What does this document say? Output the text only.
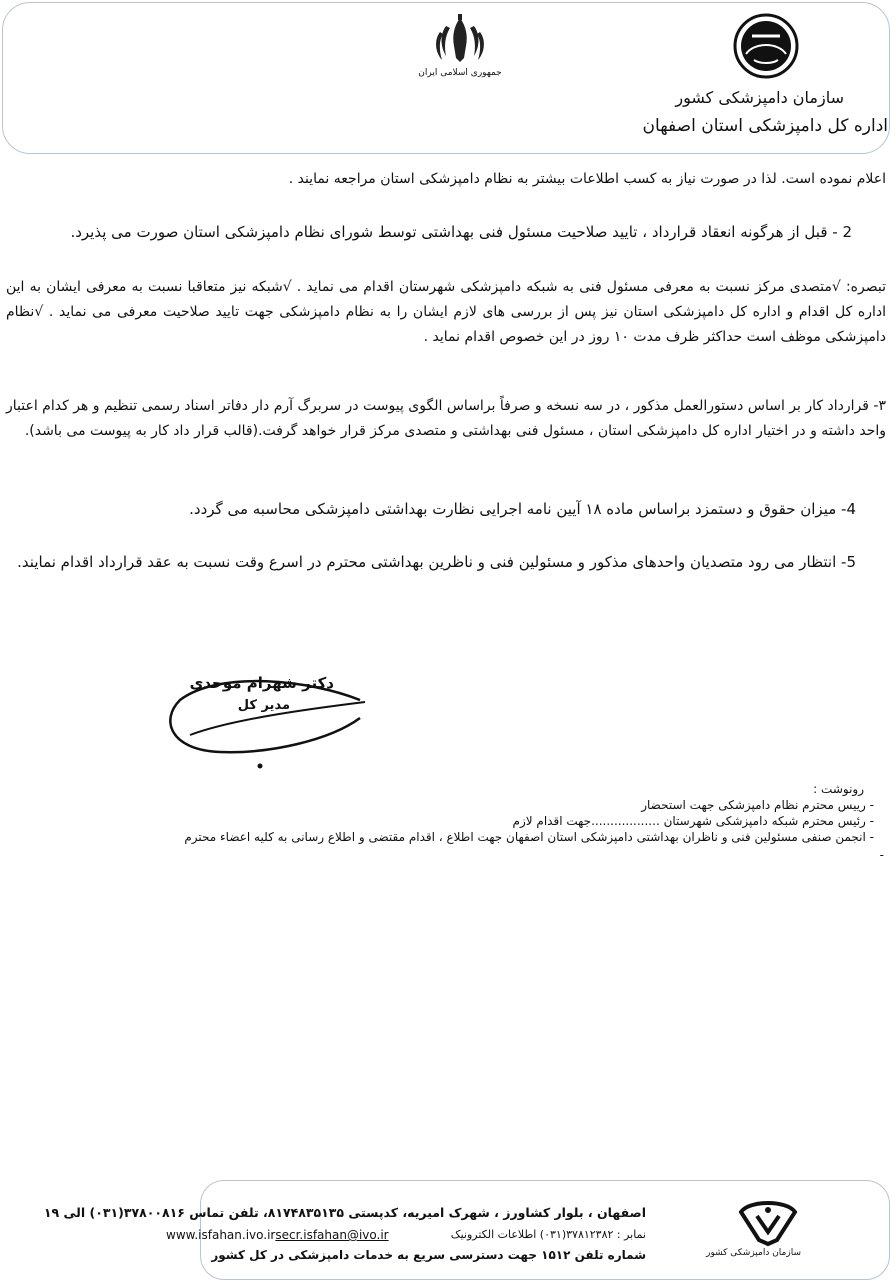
جمهوری اسلامی ایران
سازمان دامپزشکی کشور
اداره کل دامپزشکی استان اصفهان
اعلام نموده است. لذا در صورت نیاز به کسب اطلاعات بیشتر به نظام دامپزشکی استان مراجعه نمایند .
2 - قبل از هرگونه انعقاد قرارداد ، تایید صلاحیت مسئول فنی بهداشتی توسط شورای نظام دامپزشکی استان صورت می پذیرد.
تبصره: √متصدی مرکز نسبت به معرفی مسئول فنی به شبکه دامپزشکی شهرستان اقدام می نماید . √شبکه نیز متعاقبا نسبت به معرفی ایشان به این اداره کل اقدام و اداره کل دامپزشکی استان نیز پس از بررسی های لازم ایشان را به نظام دامپزشکی جهت تایید صلاحیت معرفی می نماید . √نظام دامپزشکی موظف است حداکثر ظرف مدت ۱۰ روز در این خصوص اقدام نماید .
۳- قرارداد کار بر اساس دستورالعمل مذکور ، در سه نسخه و صرفاً براساس الگوی پیوست در سربرگ آرم دار دفاتر اسناد رسمی تنظیم و هر کدام اعتبار واحد داشته و در اختیار اداره کل دامپزشکی استان ، مسئول فنی بهداشتی و متصدی مرکز قرار خواهد گرفت.(قالب قرار داد کار به پیوست می باشد).
4- میزان حقوق و دستمزد براساس ماده ۱۸ آیین نامه اجرایی نظارت بهداشتی دامپزشکی محاسبه می گردد.
5- انتظار می رود متصدیان واحدهای مذکور و مسئولین فنی و ناظرین بهداشتی محترم در اسرع وقت نسبت به عقد قرارداد اقدام نمایند.
دکتر شهرام موحدی
مدیر کل
رونوشت :
- رییس محترم نظام دامپزشکی جهت استحضار
- رئیس محترم شبکه دامپزشکی شهرستان ..................جهت اقدام لازم
- انجمن صنفی مسئولین فنی و ناظران بهداشتی دامپزشکی استان اصفهان جهت اطلاع ، اقدام مقتضی و اطلاع رسانی به کلیه اعضاء محترم
-
اصفهان ، بلوار کشاورز ، شهرک امیریه، کدپستی ۸۱۷۴۸۳۵۱۳۵، تلفن تماس ۳۷۸۰۰۸۱۶(۰۳۱) الی ۱۹
نمابر : ۳۷۸۱۲۳۸۲(۰۳۱) اطلاعات الکترونیک
www.isfahan.ivo.irsecr.isfahan@ivo.ir
شماره تلفن ۱۵۱۲ جهت دسترسی سریع به خدمات دامپزشکی در کل کشور	سازمان دامپزشکی کشور
